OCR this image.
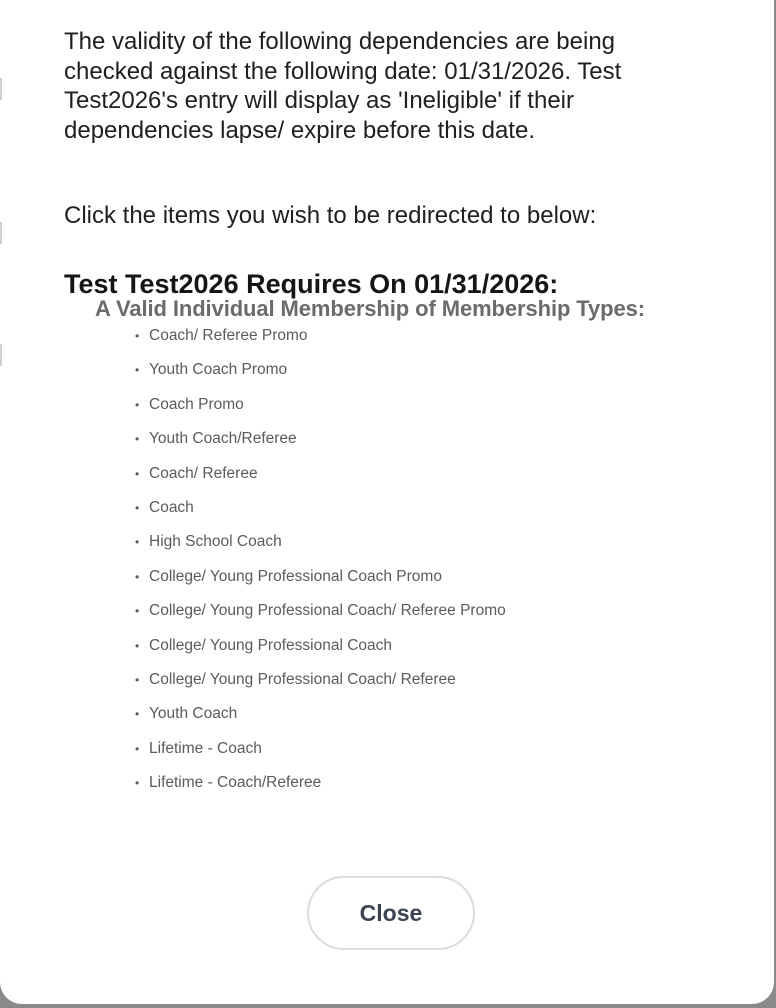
The validity of the following dependencies are being checked against the following date: 01/31/2026. Test Test2026's entry will display as 'Ineligible' if their dependencies lapse/ expire before this date.

Click the items you wish to be redirected to below:

Test Test2026 Requires On 01/31/2026:
A Valid Individual Membership of Membership Types:
• Coach/ Referee Promo
• Youth Coach Promo
• Coach Promo
• Youth Coach/Referee
• Coach/ Referee
• Coach
• High School Coach
• College/ Young Professional Coach Promo
• College/ Young Professional Coach/ Referee Promo
• College/ Young Professional Coach
• College/ Young Professional Coach/ Referee
• Youth Coach
• Lifetime - Coach
• Lifetime - Coach/Referee
Close
